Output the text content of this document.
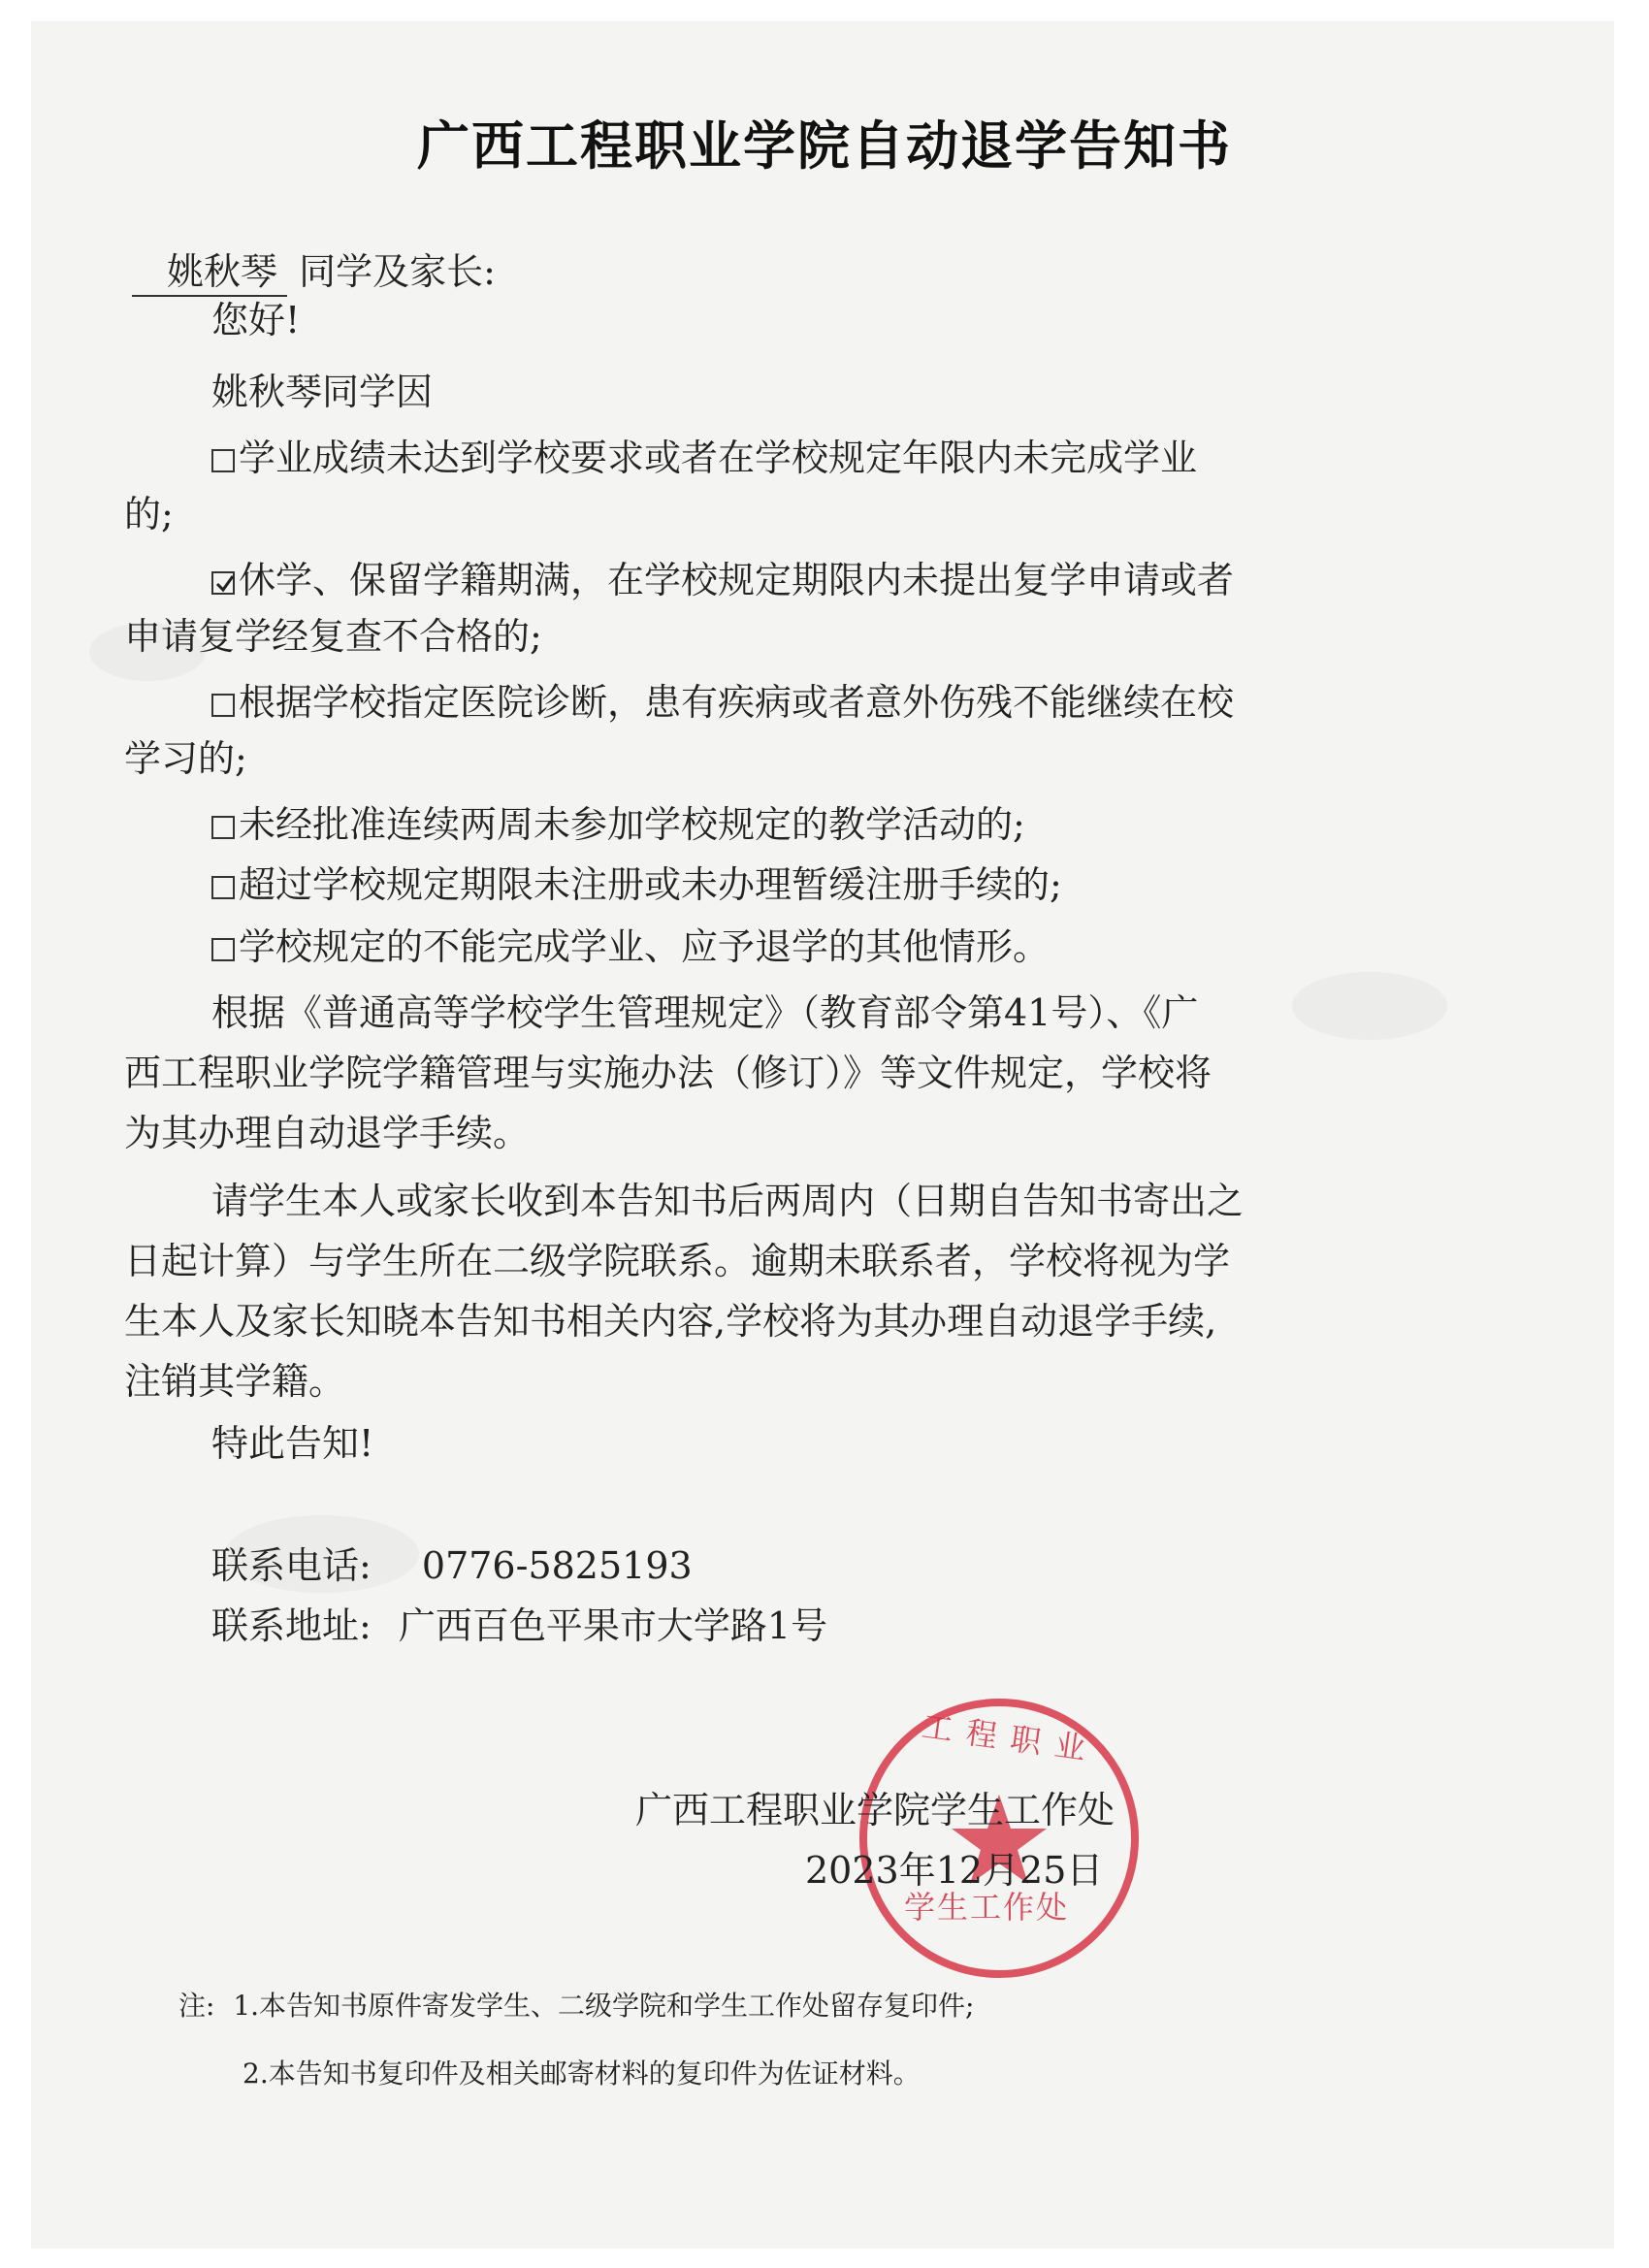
广西工程职业学院自动退学告知书
姚秋琴 同学及家长:
您好!
姚秋琴同学因
学业成绩未达到学校要求或者在学校规定年限内未完成学业
的;
休学、保留学籍期满，在学校规定期限内未提出复学申请或者
申请复学经复查不合格的;
根据学校指定医院诊断，患有疾病或者意外伤残不能继续在校
学习的;
未经批准连续两周未参加学校规定的教学活动的;
超过学校规定期限未注册或未办理暂缓注册手续的;
学校规定的不能完成学业、应予退学的其他情形。
根据《普通高等学校学生管理规定》（教育部令第41号）、《广
西工程职业学院学籍管理与实施办法（修订）》等文件规定，学校将
为其办理自动退学手续。
请学生本人或家长收到本告知书后两周内（日期自告知书寄出之
日起计算）与学生所在二级学院联系。逾期未联系者，学校将视为学
生本人及家长知晓本告知书相关内容,学校将为其办理自动退学手续,
注销其学籍。
特此告知!
联系电话: 0776-5825193
联系地址: 广西百色平果市大学路1号
工程职业
学生工作处
广西工程职业学院学生工作处
2023年12月25日
注: 1.本告知书原件寄发学生、二级学院和学生工作处留存复印件;
2.本告知书复印件及相关邮寄材料的复印件为佐证材料。
